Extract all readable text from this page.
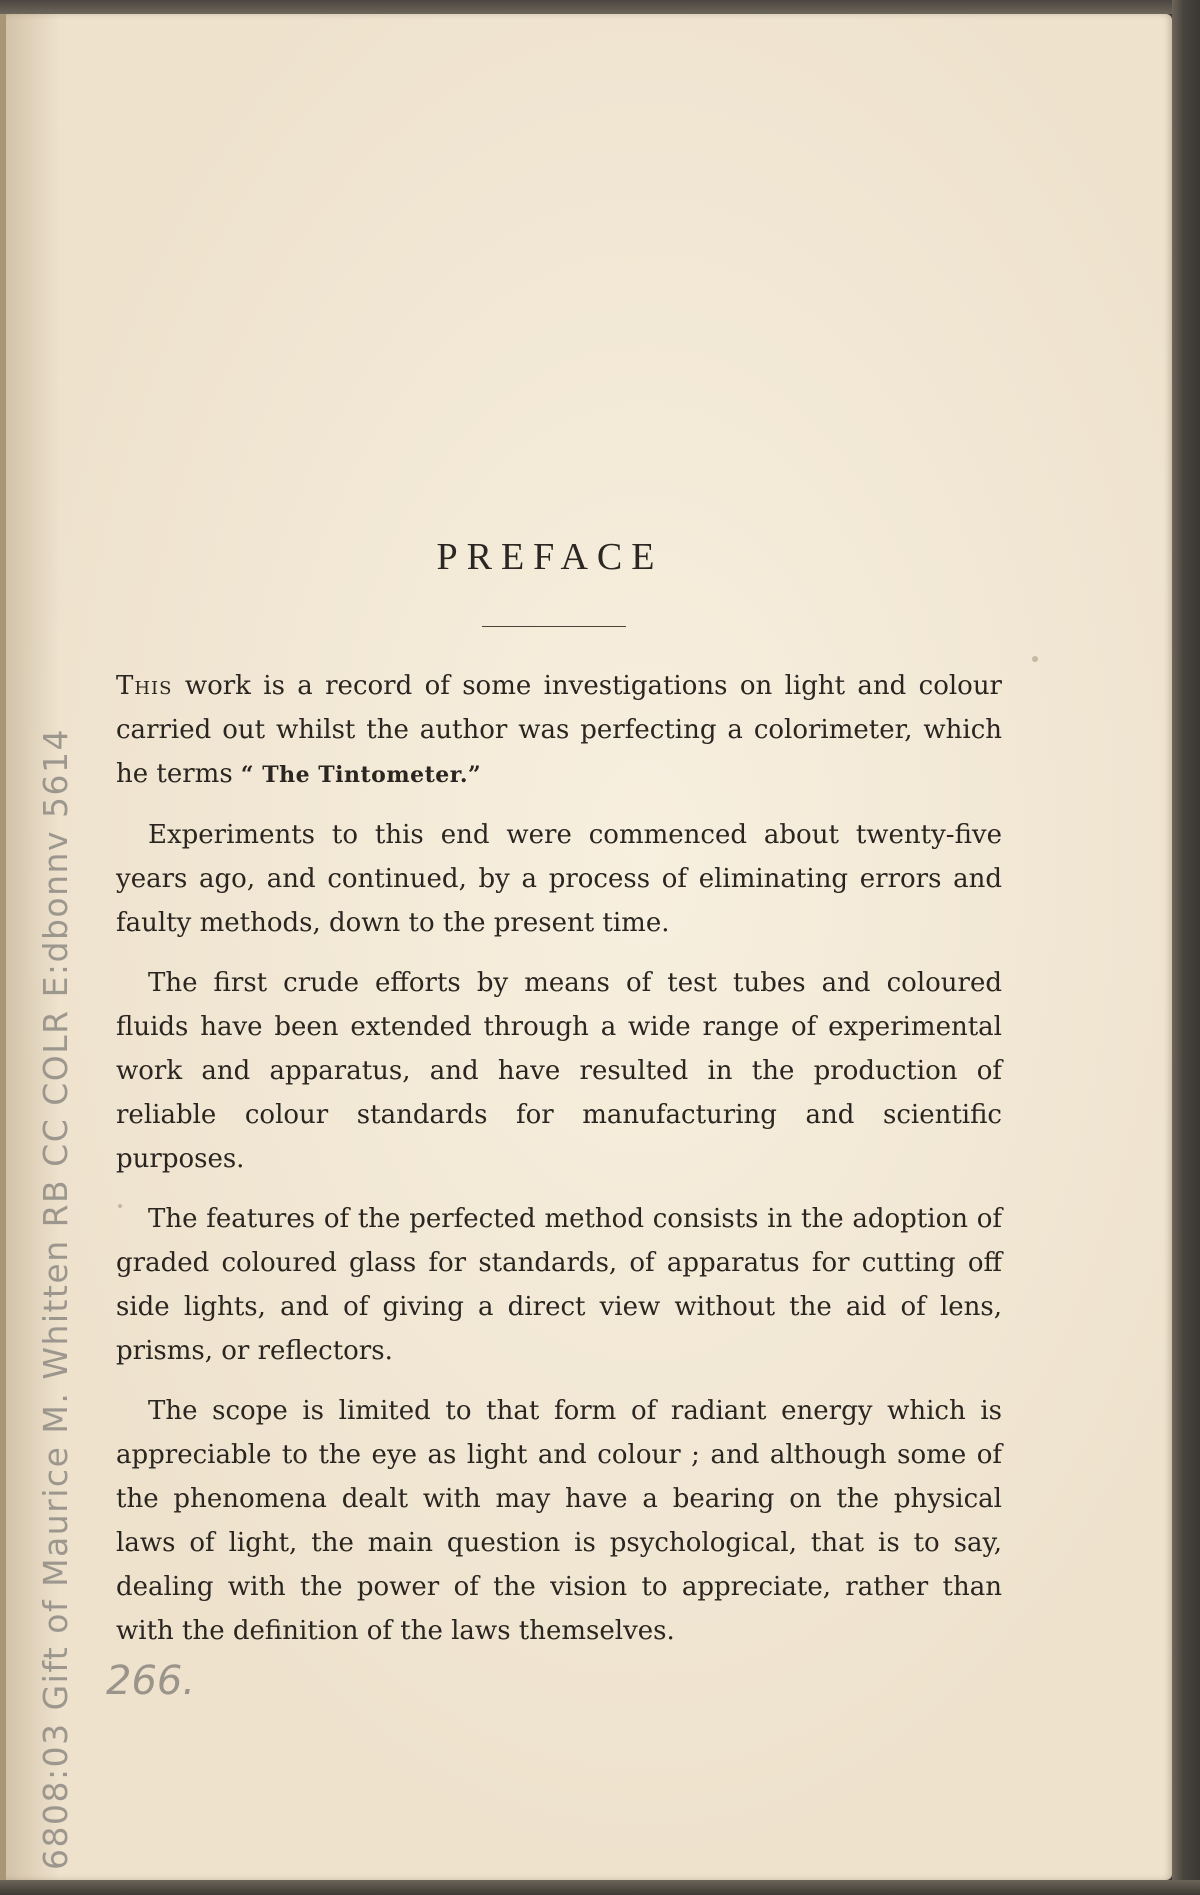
6808:03 Gift of Maurice M. Whitten RB CC COLR E:dbonnv 5614
PREFACE

This work is a record of some investigations on light and colour carried out whilst the author was perfecting a colorimeter, which he terms “ The Tintometer.”

Experiments to this end were commenced about twenty-five years ago, and continued, by a process of eliminating errors and faulty methods, down to the present time.

The first crude efforts by means of test tubes and coloured fluids have been extended through a wide range of experimental work and apparatus, and have resulted in the production of reliable colour standards for manufacturing and scientific purposes.

The features of the perfected method consists in the adoption of graded coloured glass for standards, of apparatus for cutting off side lights, and of giving a direct view without the aid of lens, prisms, or reflectors.

The scope is limited to that form of radiant energy which is appreciable to the eye as light and colour ; and although some of the phenomena dealt with may have a bearing on the physical laws of light, the main question is psychological, that is to say, dealing with the power of the vision to appreciate, rather than with the definition of the laws themselves.

266.
